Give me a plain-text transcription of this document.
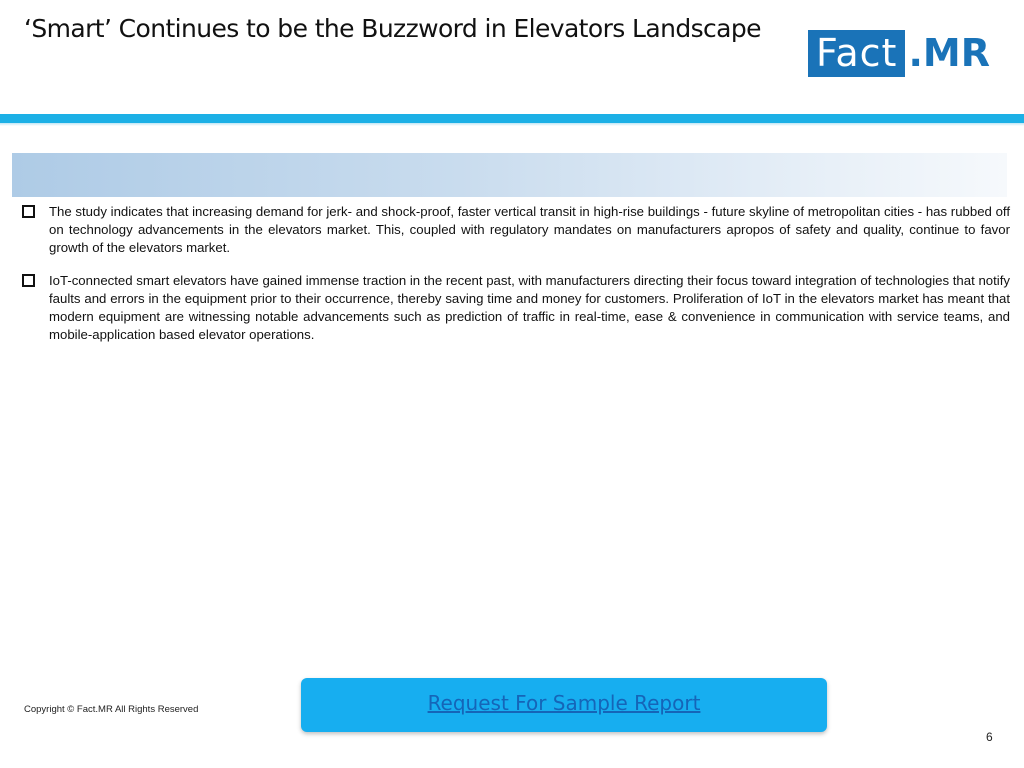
‘Smart’ Continues to be the Buzzword in Elevators Landscape
Fact .MR
The study indicates that increasing demand for jerk- and shock-proof, faster vertical transit in high-rise buildings - future skyline of metropolitan cities - has rubbed off on technology advancements in the elevators market. This, coupled with regulatory mandates on manufacturers apropos of safety and quality, continue to favor growth of the elevators market.
IoT-connected smart elevators have gained immense traction in the recent past, with manufacturers directing their focus toward integration of technologies that notify faults and errors in the equipment prior to their occurrence, thereby saving time and money for customers. Proliferation of IoT in the elevators market has meant that modern equipment are witnessing notable advancements such as prediction of traffic in real-time, ease & convenience in communication with service teams, and mobile-application based elevator operations.
Copyright © Fact.MR All Rights Reserved	Request For Sample Report
6
